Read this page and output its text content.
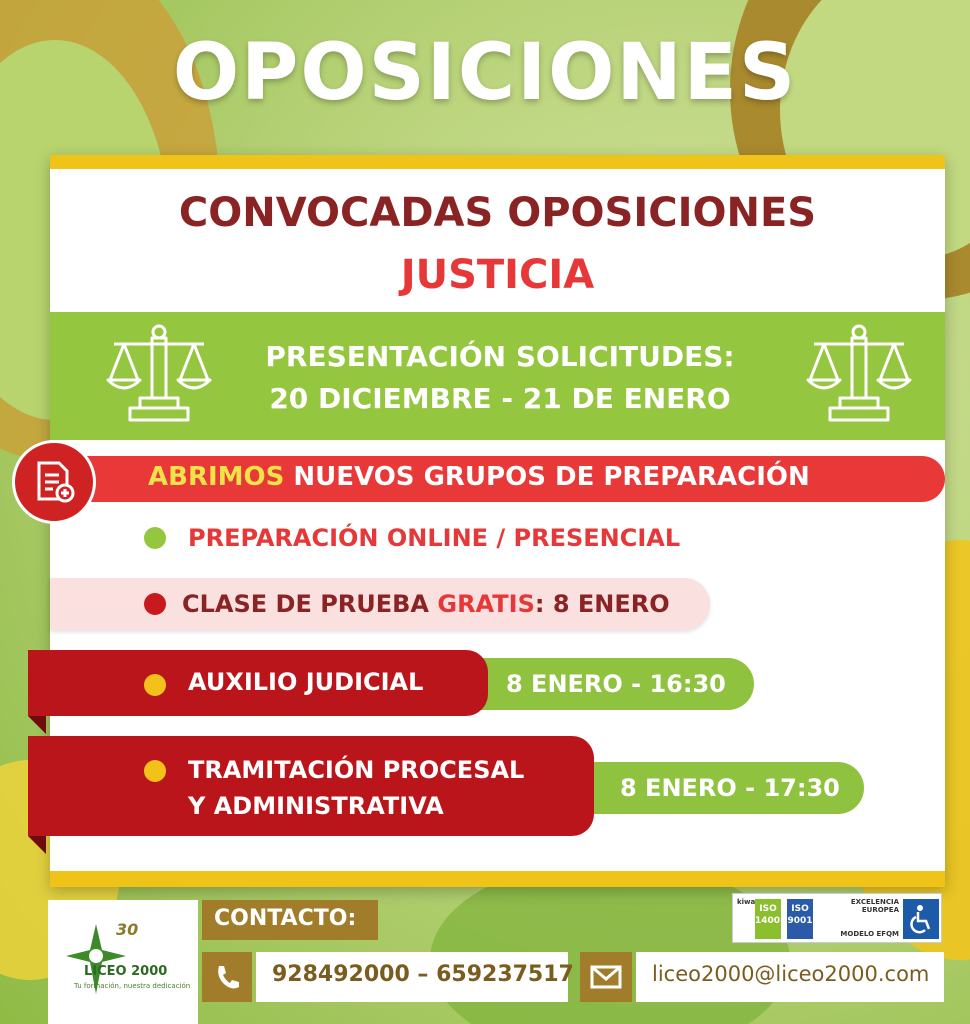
OPOSICIONES
CONVOCADAS OPOSICIONES
JUSTICIA
PRESENTACIÓN SOLICITUDES:
20 DICIEMBRE - 21 DE ENERO
ABRIMOS NUEVOS GRUPOS DE PREPARACIÓN
PREPARACIÓN ONLINE / PRESENCIAL
CLASE DE PRUEBA GRATIS: 8 ENERO
AUXILIO JUDICIAL	8 ENERO - 16:30
TRAMITACIÓN PROCESAL
Y ADMINISTRATIVA
8 ENERO - 17:30
30
LICEO 2000
Tu formación, nuestra dedicación
CONTACTO:
928492000 – 659237517	liceo2000@liceo2000.com
kiwa
ISO 14001
ISO 9001
EXCELENCIA EUROPEA
MODELO EFQM
